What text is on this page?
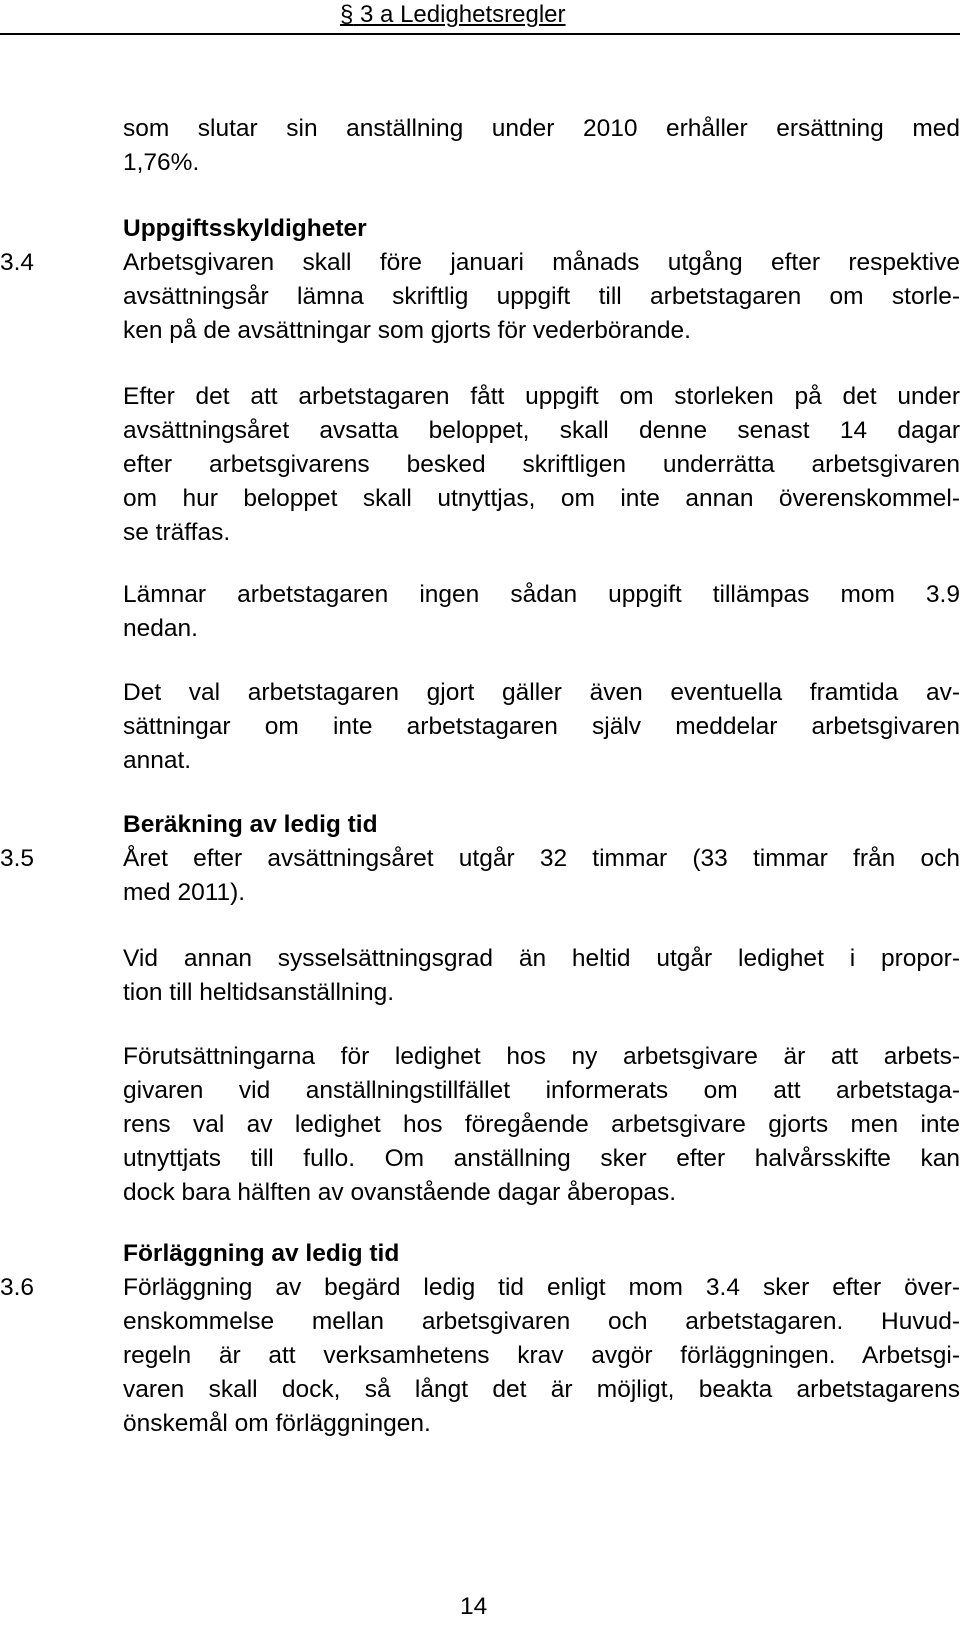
§ 3 a Ledighetsregler
som slutar sin anställning under 2010 erhåller ersättning med
1,76%.
Uppgiftsskyldigheter
3.4	Arbetsgivaren skall före januari månads utgång efter respektive
avsättningsår lämna skriftlig uppgift till arbetstagaren om storle-
ken på de avsättningar som gjorts för vederbörande.
Efter det att arbetstagaren fått uppgift om storleken på det under
avsättningsåret avsatta beloppet, skall denne senast 14 dagar
efter arbetsgivarens besked skriftligen underrätta arbetsgivaren
om hur beloppet skall utnyttjas, om inte annan överenskommel-
se träffas.
Lämnar arbetstagaren ingen sådan uppgift tillämpas mom 3.9
nedan.
Det val arbetstagaren gjort gäller även eventuella framtida av-
sättningar om inte arbetstagaren själv meddelar arbetsgivaren
annat.
Beräkning av ledig tid
3.5	Året efter avsättningsåret utgår 32 timmar (33 timmar från och
med 2011).
Vid annan sysselsättningsgrad än heltid utgår ledighet i propor-
tion till heltidsanställning.
Förutsättningarna för ledighet hos ny arbetsgivare är att arbets-
givaren vid anställningstillfället informerats om att arbetstaga-
rens val av ledighet hos föregående arbetsgivare gjorts men inte
utnyttjats till fullo. Om anställning sker efter halvårsskifte kan
dock bara hälften av ovanstående dagar åberopas.
Förläggning av ledig tid
3.6	Förläggning av begärd ledig tid enligt mom 3.4 sker efter över-
enskommelse mellan arbetsgivaren och arbetstagaren. Huvud-
regeln är att verksamhetens krav avgör förläggningen. Arbetsgi-
varen skall dock, så långt det är möjligt, beakta arbetstagarens
önskemål om förläggningen.
14
